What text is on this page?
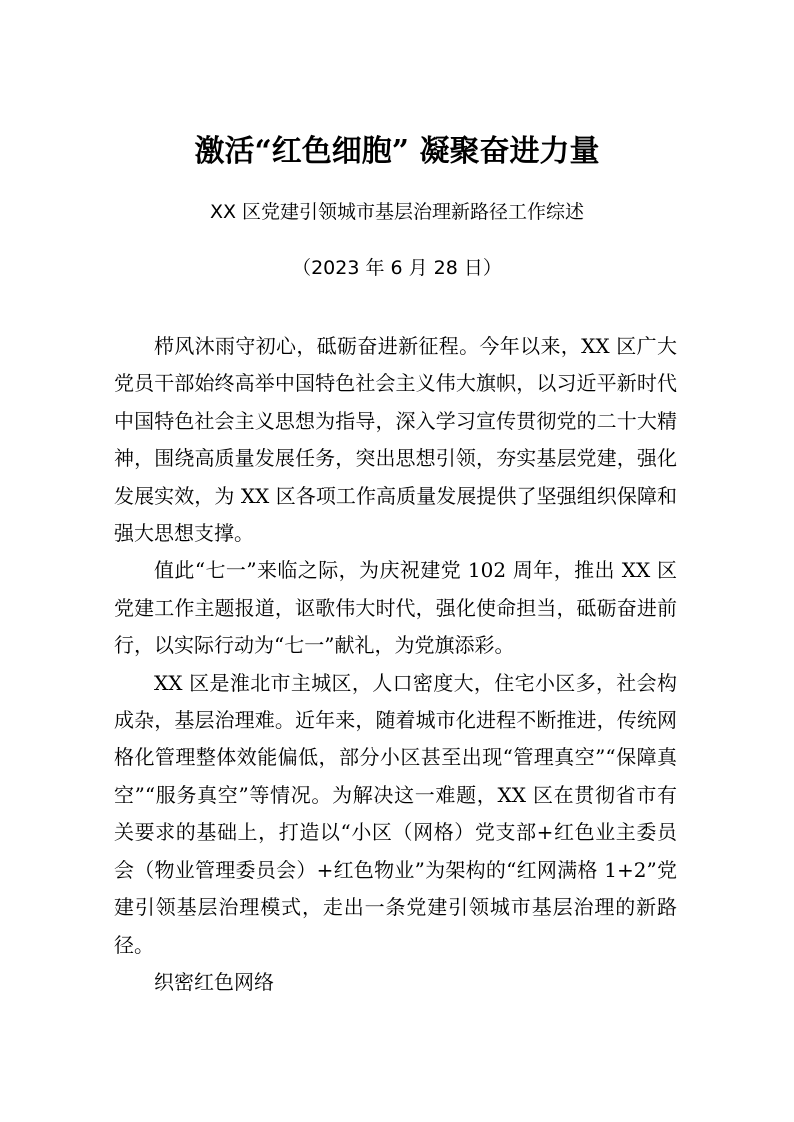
激活“红色细胞” 凝聚奋进力量
XX 区党建引领城市基层治理新路径工作综述
（2023 年 6 月 28 日）

栉风沐雨守初心，砥砺奋进新征程。今年以来，XX 区广大党员干部始终高举中国特色社会主义伟大旗帜，以习近平新时代中国特色社会主义思想为指导，深入学习宣传贯彻党的二十大精神，围绕高质量发展任务，突出思想引领，夯实基层党建，强化发展实效，为 XX 区各项工作高质量发展提供了坚强组织保障和强大思想支撑。

值此“七一”来临之际，为庆祝建党 102 周年，推出 XX 区党建工作主题报道，讴歌伟大时代，强化使命担当，砥砺奋进前行，以实际行动为“七一”献礼，为党旗添彩。

XX 区是淮北市主城区，人口密度大，住宅小区多，社会构成杂，基层治理难。近年来，随着城市化进程不断推进，传统网格化管理整体效能偏低，部分小区甚至出现“管理真空”“保障真空”“服务真空”等情况。为解决这一难题，XX 区在贯彻省市有关要求的基础上，打造以“小区（网格）党支部+红色业主委员会（物业管理委员会）+红色物业”为架构的“红网满格 1+2”党建引领基层治理模式，走出一条党建引领城市基层治理的新路径。

织密红色网络
